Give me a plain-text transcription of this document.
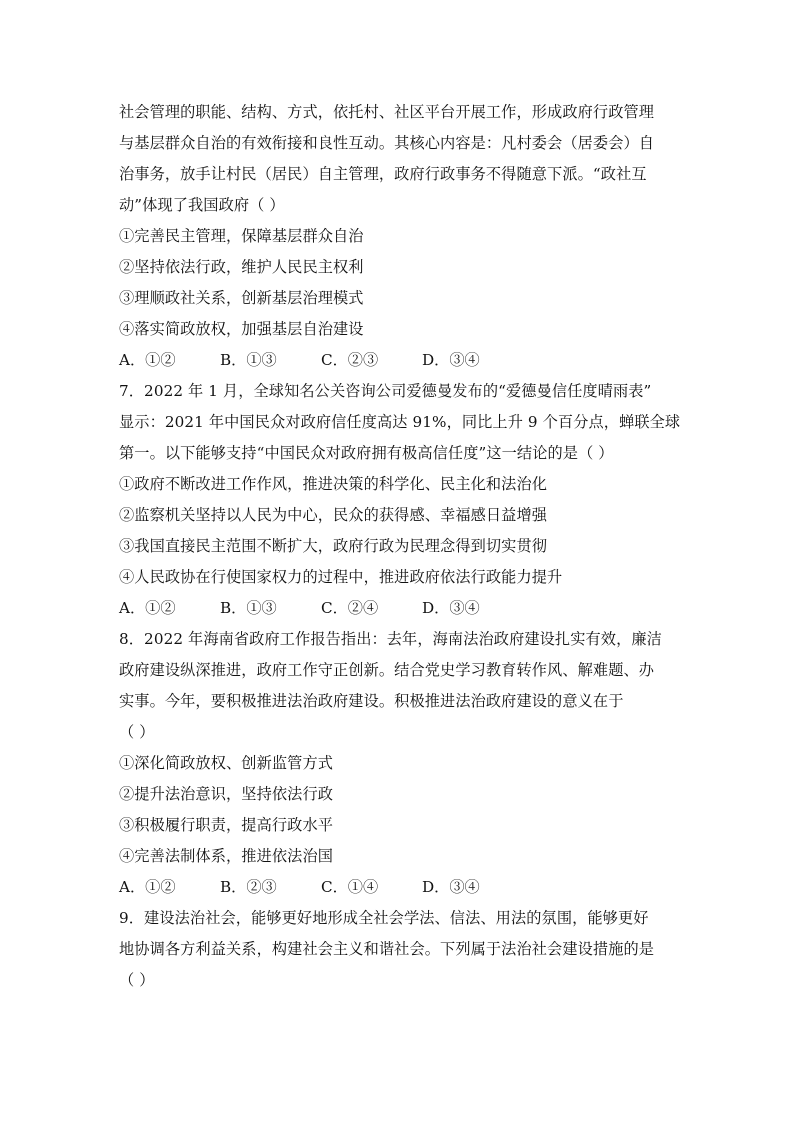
社会管理的职能、结构、方式，依托村、社区平台开展工作，形成政府行政管理
与基层群众自治的有效衔接和良性互动。其核心内容是：凡村委会（居委会）自
治事务，放手让村民（居民）自主管理，政府行政事务不得随意下派。“政社互
动”体现了我国政府（ ）
①完善民主管理，保障基层群众自治
②坚持依法行政，维护人民民主权利
③理顺政社关系，创新基层治理模式
④落实简政放权，加强基层自治建设
A．①②	B．①③	C．②③	D．③④
7．2022 年 1 月，全球知名公关咨询公司爱德曼发布的“爱德曼信任度晴雨表”
显示：2021 年中国民众对政府信任度高达 91%，同比上升 9 个百分点，蝉联全球
第一。以下能够支持“中国民众对政府拥有极高信任度”这一结论的是（ ）
①政府不断改进工作作风，推进决策的科学化、民主化和法治化
②监察机关坚持以人民为中心，民众的获得感、幸福感日益增强
③我国直接民主范围不断扩大，政府行政为民理念得到切实贯彻
④人民政协在行使国家权力的过程中，推进政府依法行政能力提升
A．①②	B．①③	C．②④	D．③④
8．2022 年海南省政府工作报告指出：去年，海南法治政府建设扎实有效，廉洁
政府建设纵深推进，政府工作守正创新。结合党史学习教育转作风、解难题、办
实事。今年，要积极推进法治政府建设。积极推进法治政府建设的意义在于
（ ）
①深化简政放权、创新监管方式
②提升法治意识，坚持依法行政
③积极履行职责，提高行政水平
④完善法制体系，推进依法治国
A．①②	B．②③	C．①④	D．③④
9．建设法治社会，能够更好地形成全社会学法、信法、用法的氛围，能够更好
地协调各方利益关系，构建社会主义和谐社会。下列属于法治社会建设措施的是
（ ）
